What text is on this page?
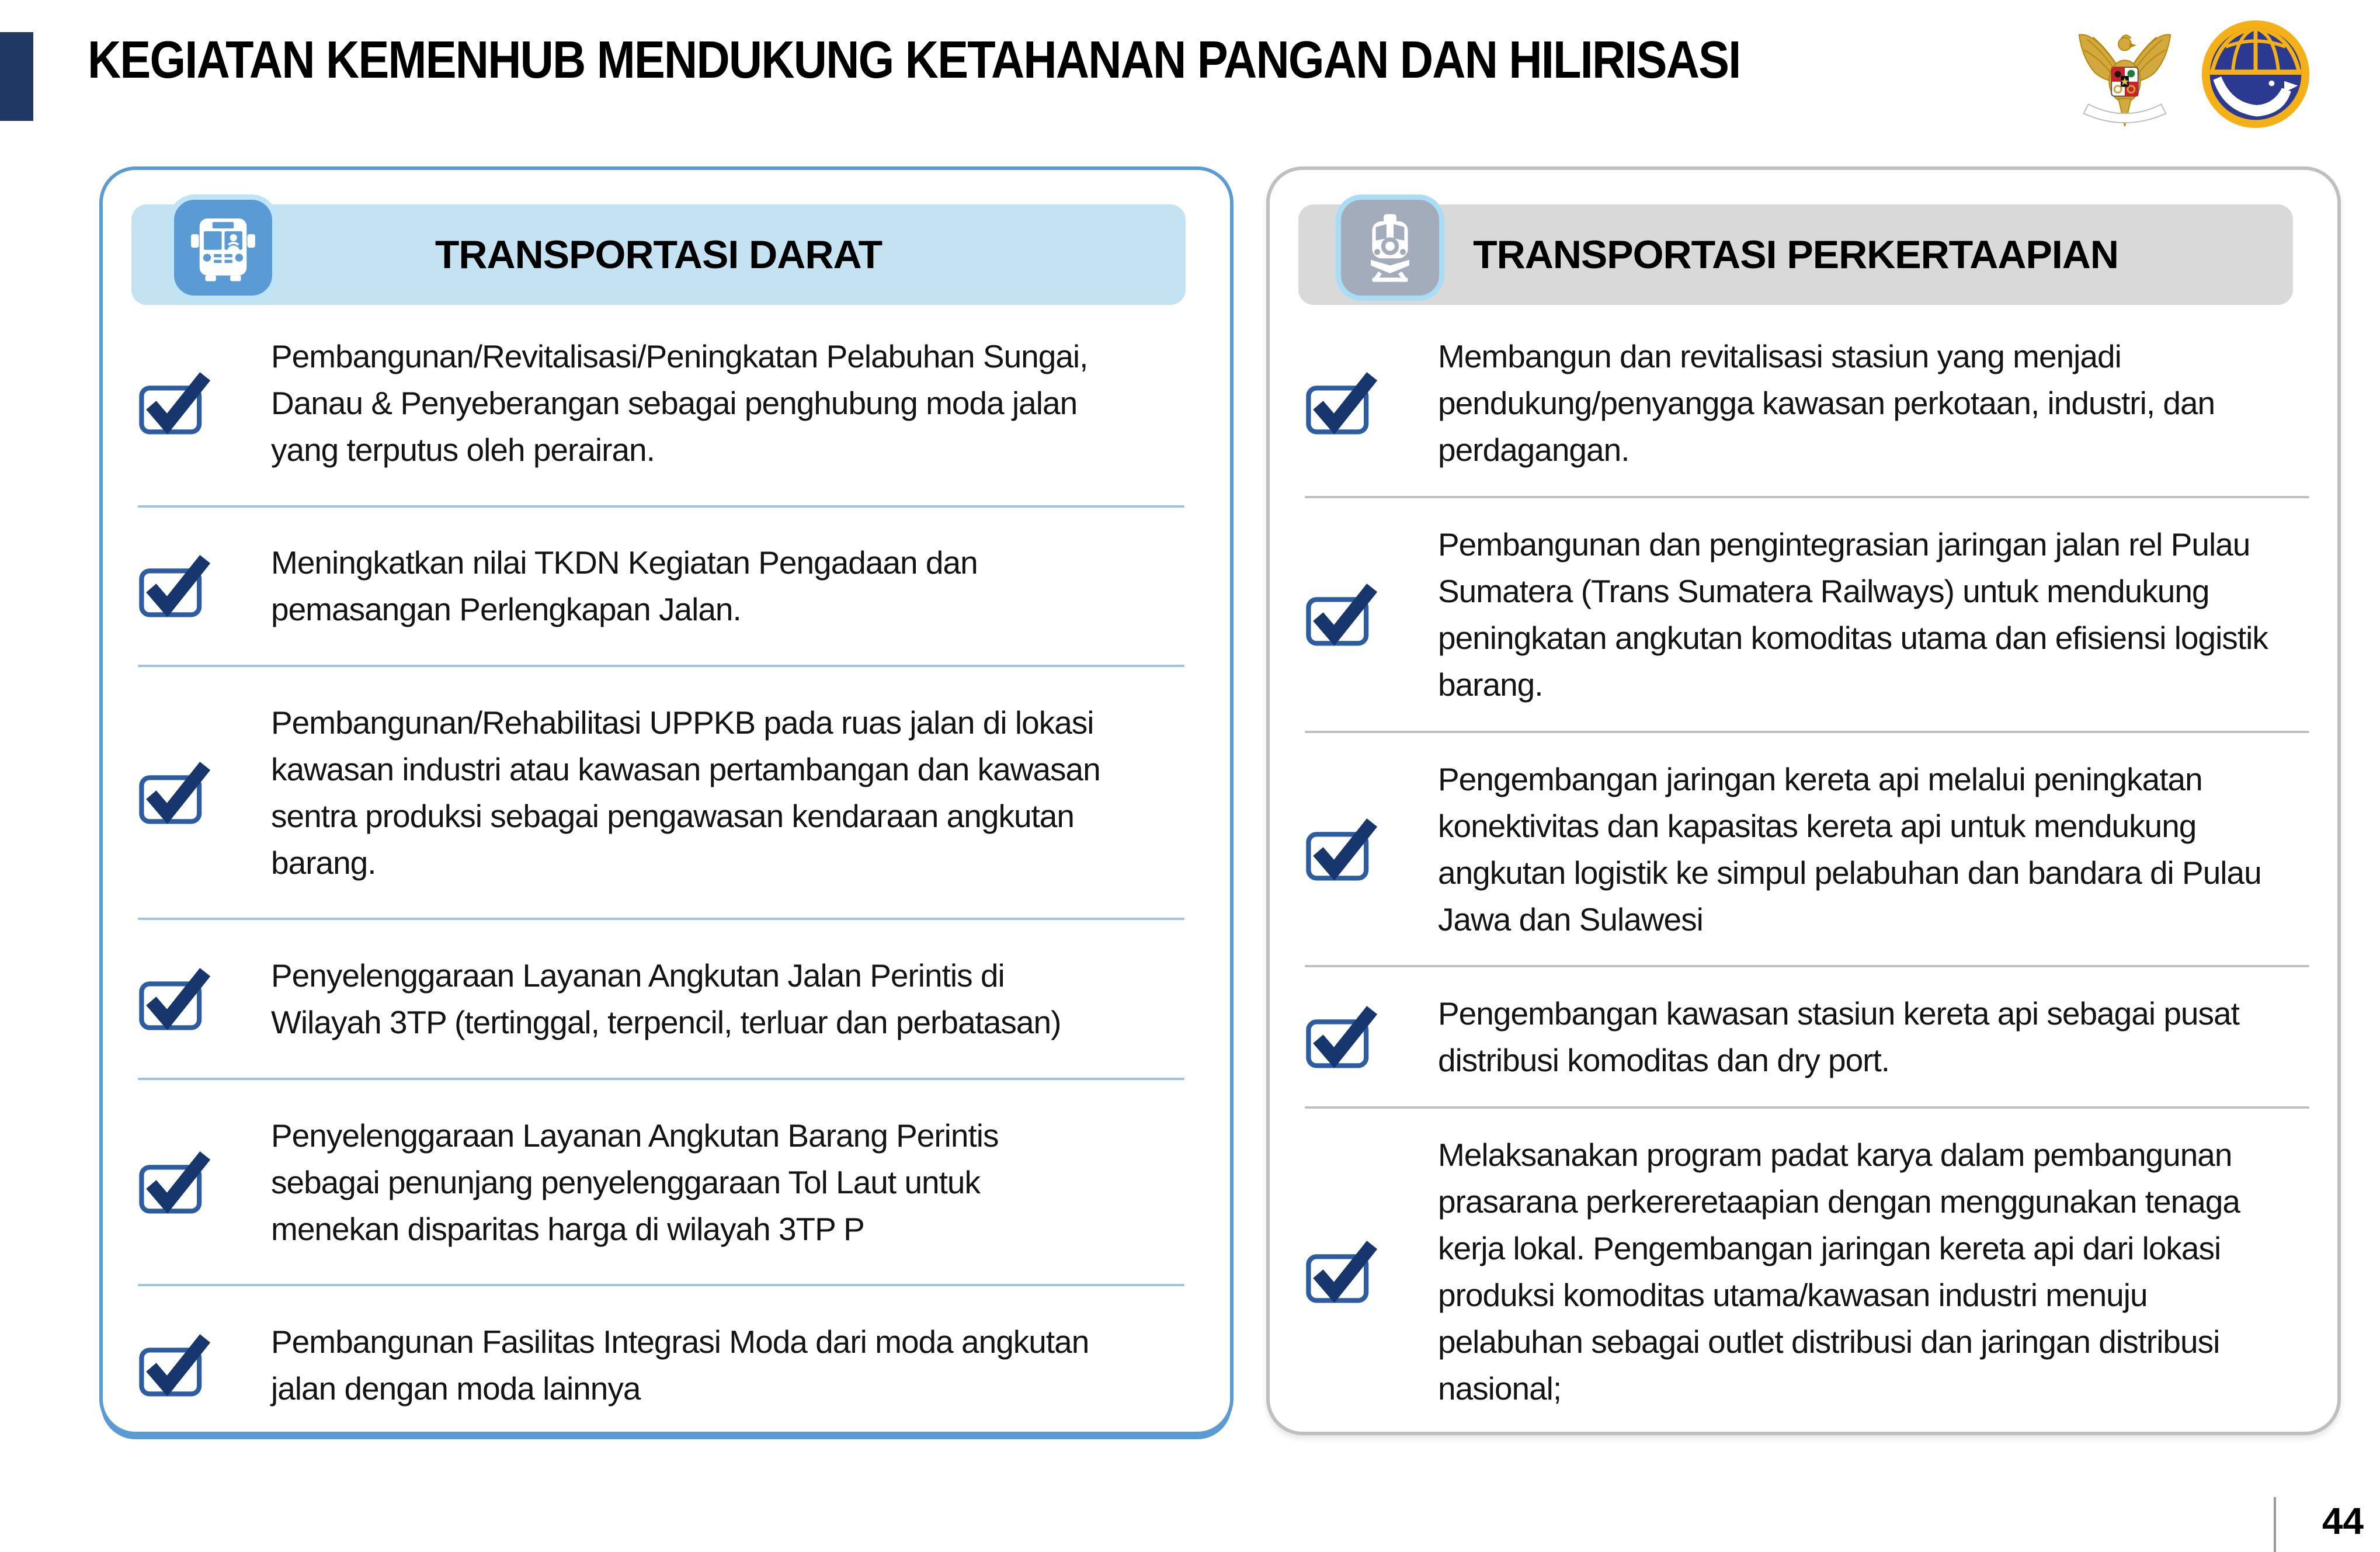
KEGIATAN KEMENHUB MENDUKUNG KETAHANAN PANGAN DAN HILIRISASI
TRANSPORTASI DARAT

Pembangunan/Revitalisasi/Peningkatan Pelabuhan Sungai, Danau & Penyeberangan sebagai penghubung moda jalan yang terputus oleh perairan.

Meningkatkan nilai TKDN Kegiatan Pengadaan dan pemasangan Perlengkapan Jalan.

Pembangunan/Rehabilitasi UPPKB pada ruas jalan di lokasi kawasan industri atau kawasan pertambangan dan kawasan sentra produksi sebagai pengawasan kendaraan angkutan barang.

Penyelenggaraan Layanan Angkutan Jalan Perintis di Wilayah 3TP (tertinggal, terpencil, terluar dan perbatasan)

Penyelenggaraan Layanan Angkutan Barang Perintis sebagai penunjang penyelenggaraan Tol Laut untuk menekan disparitas harga di wilayah 3TP P

Pembangunan Fasilitas Integrasi Moda dari moda angkutan jalan dengan moda lainnya

TRANSPORTASI PERKERTAAPIAN

Membangun dan revitalisasi stasiun yang menjadi pendukung/penyangga kawasan perkotaan, industri, dan perdagangan.

Pembangunan dan pengintegrasian jaringan jalan rel Pulau Sumatera (Trans Sumatera Railways) untuk mendukung peningkatan angkutan komoditas utama dan efisiensi logistik barang.

Pengembangan jaringan kereta api melalui peningkatan konektivitas dan kapasitas kereta api untuk mendukung angkutan logistik ke simpul pelabuhan dan bandara di Pulau Jawa dan Sulawesi

Pengembangan kawasan stasiun kereta api sebagai pusat distribusi komoditas dan dry port.

Melaksanakan program padat karya dalam pembangunan prasarana perkereretaapian dengan menggunakan tenaga kerja lokal. Pengembangan jaringan kereta api dari lokasi produksi komoditas utama/kawasan industri menuju pelabuhan sebagai outlet distribusi dan jaringan distribusi nasional;

44
